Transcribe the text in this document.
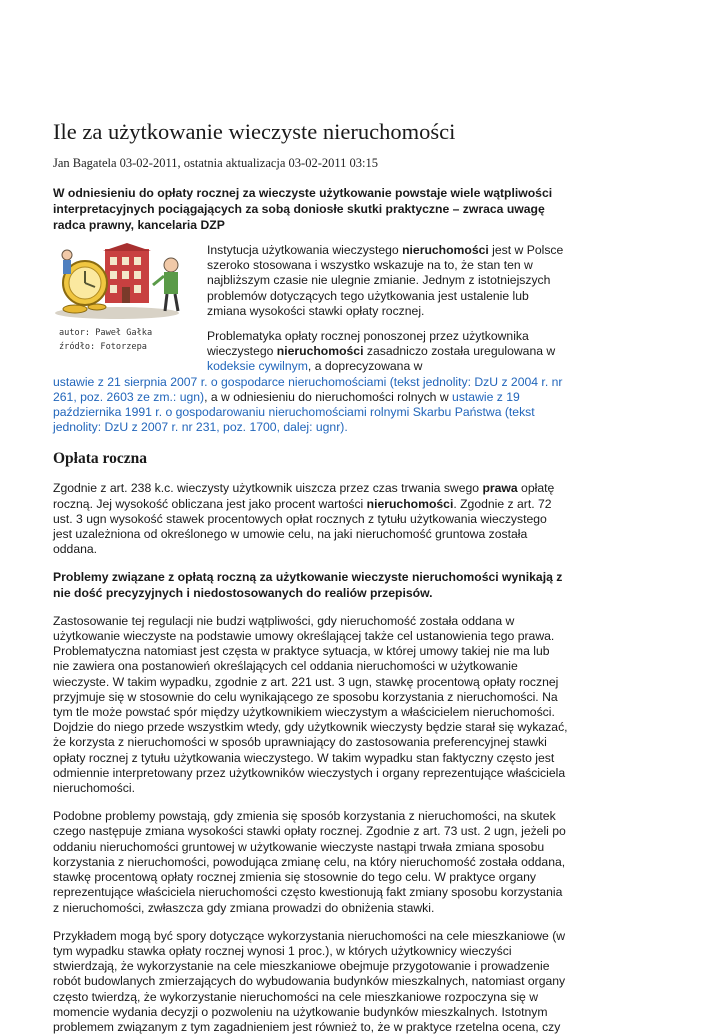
Ile za użytkowanie wieczyste nieruchomości
Jan Bagatela 03-02-2011, ostatnia aktualizacja 03-02-2011 03:15
W odniesieniu do opłaty rocznej za wieczyste użytkowanie powstaje wiele wątpliwości interpretacyjnych pociągających za sobą doniosłe skutki praktyczne – zwraca uwagę radca prawny, kancelaria DZP
autor: Paweł Gałka
źródło: Fotorzepa
Instytucja użytkowania wieczystego nieruchomości jest w Polsce szeroko stosowana i wszystko wskazuje na to, że stan ten w najbliższym czasie nie ulegnie zmianie. Jednym z istotniejszych problemów dotyczących tego użytkowania jest ustalenie lub zmiana wysokości stawki opłaty rocznej.
Problematyka opłaty rocznej ponoszonej przez użytkownika wieczystego nieruchomości zasadniczo została uregulowana w kodeksie cywilnym, a doprecyzowana w
ustawie z 21 sierpnia 2007 r. o gospodarce nieruchomościami (tekst jednolity: DzU z 2004 r. nr 261, poz. 2603 ze zm.: ugn), a w odniesieniu do nieruchomości rolnych w ustawie z 19 października 1991 r. o gospodarowaniu nieruchomościami rolnymi Skarbu Państwa (tekst jednolity: DzU z 2007 r. nr 231, poz. 1700, dalej: ugnr).
Opłata roczna
Zgodnie z art. 238 k.c. wieczysty użytkownik uiszcza przez czas trwania swego prawa opłatę roczną. Jej wysokość obliczana jest jako procent wartości nieruchomości. Zgodnie z art. 72 ust. 3 ugn wysokość stawek procentowych opłat rocznych z tytułu użytkowania wieczystego jest uzależniona od określonego w umowie celu, na jaki nieruchomość gruntowa została oddana.
Problemy związane z opłatą roczną za użytkowanie wieczyste nieruchomości wynikają z nie dość precyzyjnych i niedostosowanych do realiów przepisów.
Zastosowanie tej regulacji nie budzi wątpliwości, gdy nieruchomość została oddana w użytkowanie wieczyste na podstawie umowy określającej także cel ustanowienia tego prawa. Problematyczna natomiast jest częsta w praktyce sytuacja, w której umowy takiej nie ma lub nie zawiera ona postanowień określających cel oddania nieruchomości w użytkowanie wieczyste. W takim wypadku, zgodnie z art. 221 ust. 3 ugn, stawkę procentową opłaty rocznej przyjmuje się w stosownie do celu wynikającego ze sposobu korzystania z nieruchomości. Na tym tle może powstać spór między użytkownikiem wieczystym a właścicielem nieruchomości. Dojdzie do niego przede wszystkim wtedy, gdy użytkownik wieczysty będzie starał się wykazać, że korzysta z nieruchomości w sposób uprawniający do zastosowania preferencyjnej stawki opłaty rocznej z tytułu użytkowania wieczystego. W takim wypadku stan faktyczny często jest odmiennie interpretowany przez użytkowników wieczystych i organy reprezentujące właściciela nieruchomości.
Podobne problemy powstają, gdy zmienia się sposób korzystania z nieruchomości, na skutek czego następuje zmiana wysokości stawki opłaty rocznej. Zgodnie z art. 73 ust. 2 ugn, jeżeli po oddaniu nieruchomości gruntowej w użytkowanie wieczyste nastąpi trwała zmiana sposobu korzystania z nieruchomości, powodująca zmianę celu, na który nieruchomość została oddana, stawkę procentową opłaty rocznej zmienia się stosownie do tego celu. W praktyce organy reprezentujące właściciela nieruchomości często kwestionują fakt zmiany sposobu korzystania z nieruchomości, zwłaszcza gdy zmiana prowadzi do obniżenia stawki.
Przykładem mogą być spory dotyczące wykorzystania nieruchomości na cele mieszkaniowe (w tym wypadku stawka opłaty rocznej wynosi 1 proc.), w których użytkownicy wieczyści stwierdzają, że wykorzystanie na cele mieszkaniowe obejmuje przygotowanie i prowadzenie robót budowlanych zmierzających do wybudowania budynków mieszkalnych, natomiast organy często twierdzą, że wykorzystanie nieruchomości na cele mieszkaniowe rozpoczyna się w momencie wydania decyzji o pozwoleniu na użytkowanie budynków mieszkalnych. Istotnym problemem związanym z tym zagadnieniem jest również to, że w praktyce rzetelna ocena, czy
